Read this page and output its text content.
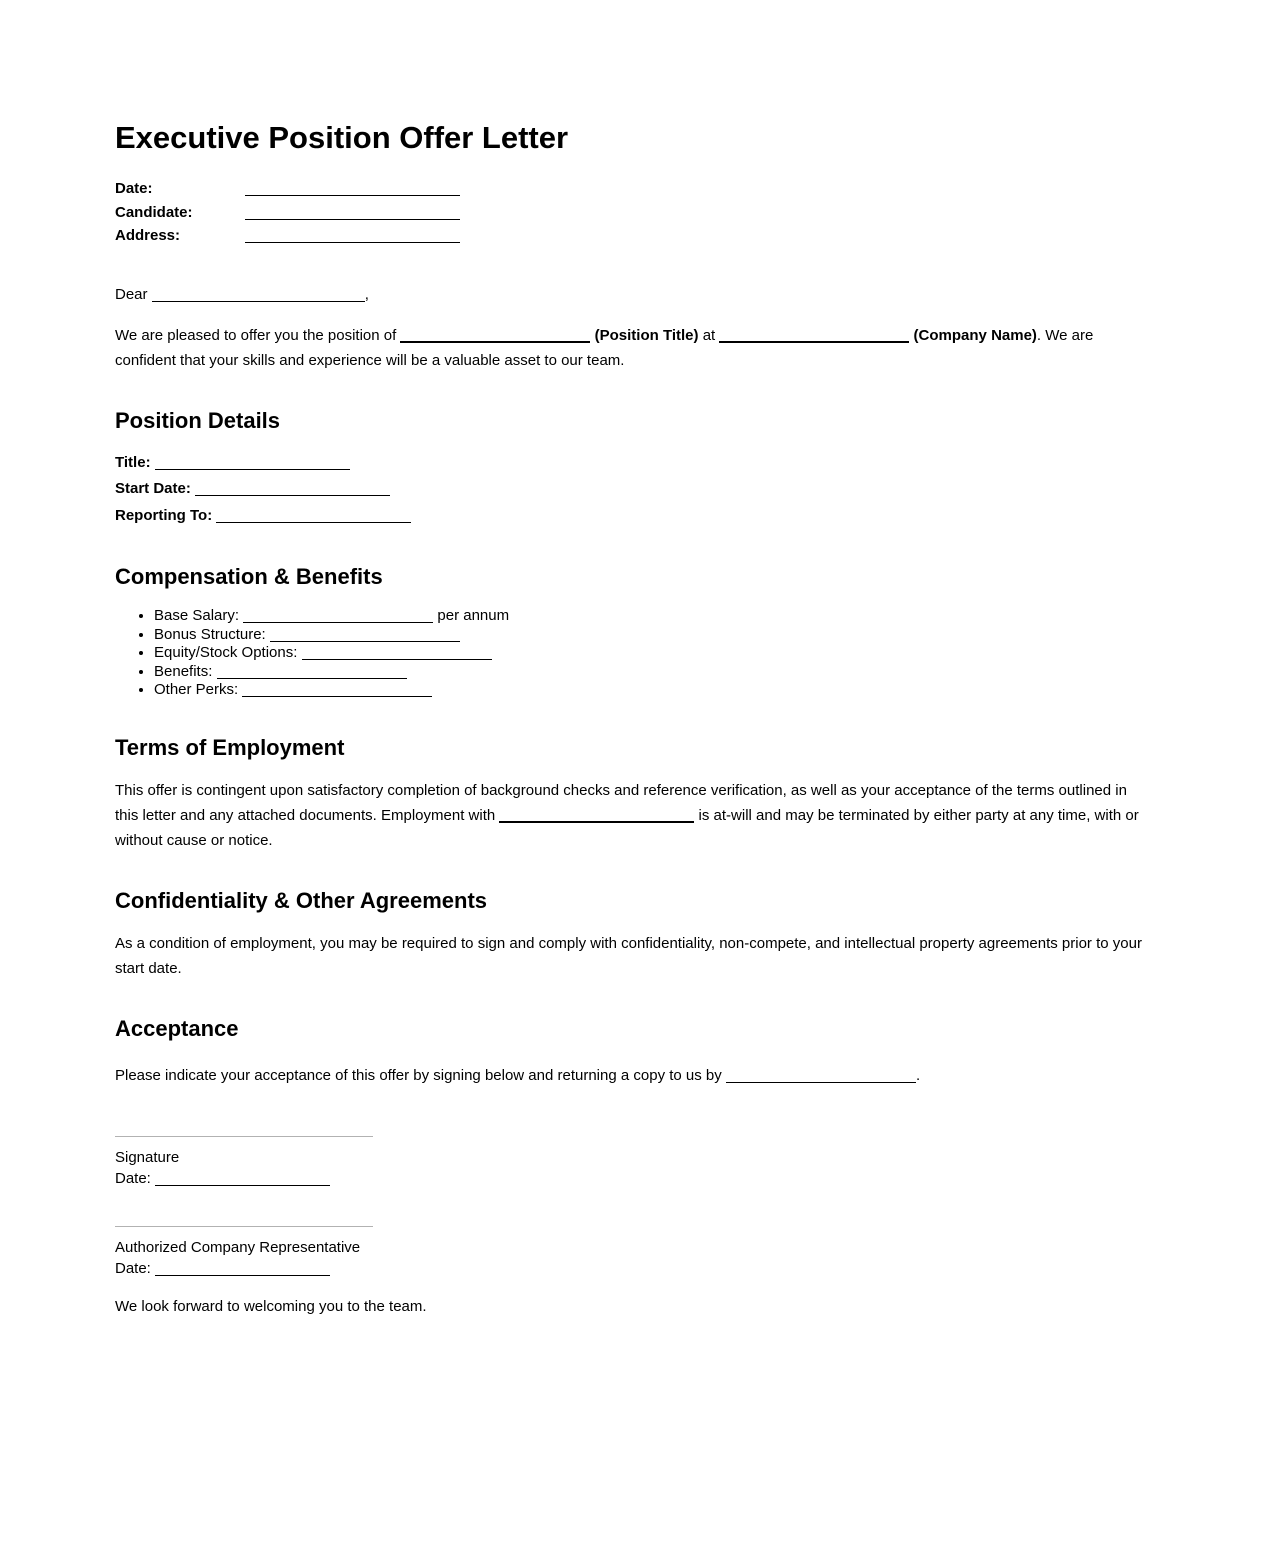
Executive Position Offer Letter
Date:
Candidate:
Address:

Dear	,

We are pleased to offer you the position of	(Position Title) at	(Company Name). We are confident that your skills and experience will be a valuable asset to our team.

Position Details

Title:

Start Date:

Reporting To:

Compensation & Benefits
• Base Salary:	per annum
• Bonus Structure:
• Equity/Stock Options:
• Benefits:
• Other Perks:
Terms of Employment

This offer is contingent upon satisfactory completion of background checks and reference verification, as well as your acceptance of the terms outlined in this letter and any attached documents. Employment with	is at-will and may be terminated by either party at any time, with or without cause or notice.

Confidentiality & Other Agreements

As a condition of employment, you may be required to sign and comply with confidentiality, non-compete, and intellectual property agreements prior to your start date.

Acceptance

Please indicate your acceptance of this offer by signing below and returning a copy to us by	.

Signature
Date:
Authorized Company Representative
Date:

We look forward to welcoming you to the team.
